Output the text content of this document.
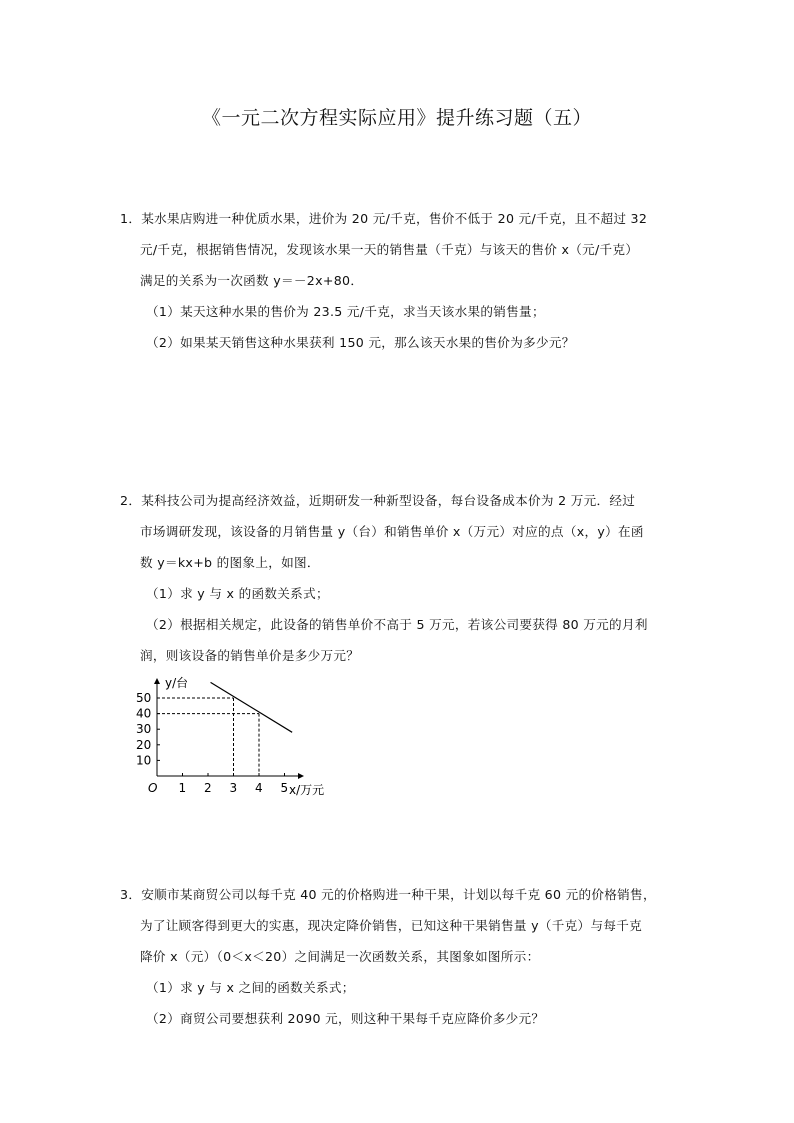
《一元二次方程实际应用》提升练习题（五）
1．某水果店购进一种优质水果，进价为 20 元/千克，售价不低于 20 元/千克，且不超过 32
元/千克，根据销售情况，发现该水果一天的销售量（千克）与该天的售价 x（元/千克）
满足的关系为一次函数 y＝－2x+80．
（1）某天这种水果的售价为 23.5 元/千克，求当天该水果的销售量；
（2）如果某天销售这种水果获利 150 元，那么该天水果的售价为多少元？
2．某科技公司为提高经济效益，近期研发一种新型设备，每台设备成本价为 2 万元．经过
市场调研发现，该设备的月销售量 y（台）和销售单价 x（万元）对应的点（x，y）在函
数 y＝kx+b 的图象上，如图．
（1）求 y 与 x 的函数关系式；
（2）根据相关规定，此设备的销售单价不高于 5 万元，若该公司要获得 80 万元的月利
润，则该设备的销售单价是多少万元？
O
y/台
x/万元
1 2 3 4 5
10
20
30
40
50
3．安顺市某商贸公司以每千克 40 元的价格购进一种干果，计划以每千克 60 元的价格销售，
为了让顾客得到更大的实惠，现决定降价销售，已知这种干果销售量 y（千克）与每千克
降价 x（元）（0＜x＜20）之间满足一次函数关系，其图象如图所示：
（1）求 y 与 x 之间的函数关系式；
（2）商贸公司要想获利 2090 元，则这种干果每千克应降价多少元？
